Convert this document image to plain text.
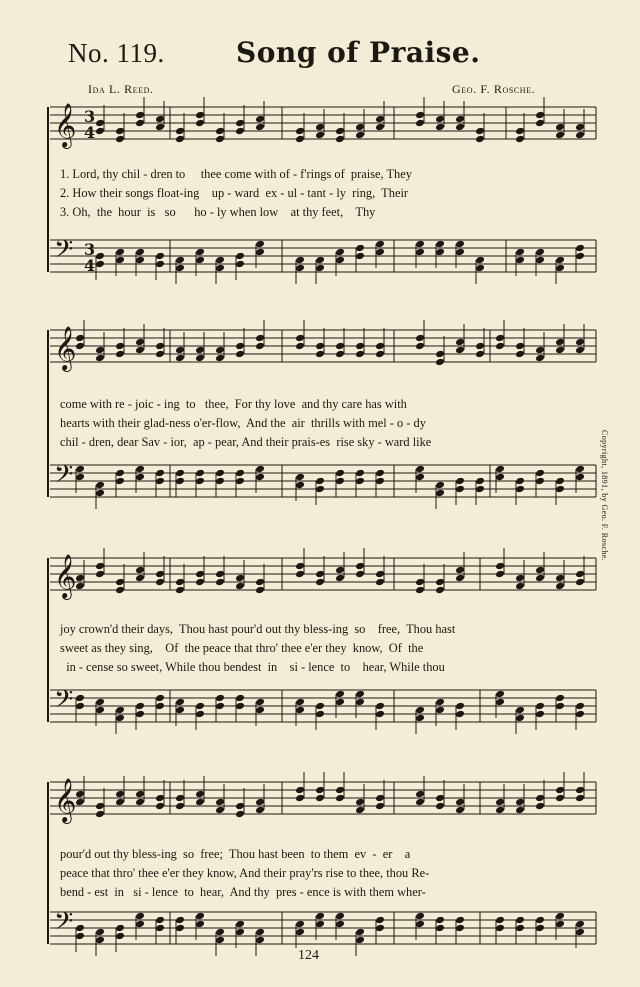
𝄞
𝄢
𝄞
𝄢
𝄞
𝄢
𝄞
𝄢
3
4
3
4
No. 119.	Song of Praise.
Ida L. Reed.	Geo. F. Rosche.
1. Lord, thy chil - dren to     thee come with of - f'rings of  praise, They
2. How their songs float-ing    up - ward  ex - ul - tant - ly  ring,  Their
3. Oh,  the  hour  is   so      ho - ly when low    at thy feet,    Thy
come with re - joic - ing  to   thee,  For thy love  and thy care has with
hearts with their glad-ness o'er-flow,  And the  air  thrills with mel - o - dy
chil - dren, dear Sav - ior,  ap - pear, And their prais-es  rise sky - ward like
joy crown'd their days,  Thou hast pour'd out thy bless-ing  so    free,  Thou hast
sweet as they sing,    Of  the peace that thro' thee e'er they  know,  Of  the
in - cense so sweet, While thou bendest  in    si - lence  to    hear, While thou
pour'd out thy bless-ing  so  free;  Thou hast been  to them  ev  -  er    a
peace that thro' thee e'er they know, And their pray'rs rise to thee, thou Re-
bend - est  in   si - lence  to  hear,  And thy  pres - ence is with them wher-
Copyright, 1891, by Geo. F. Rosche.
124
